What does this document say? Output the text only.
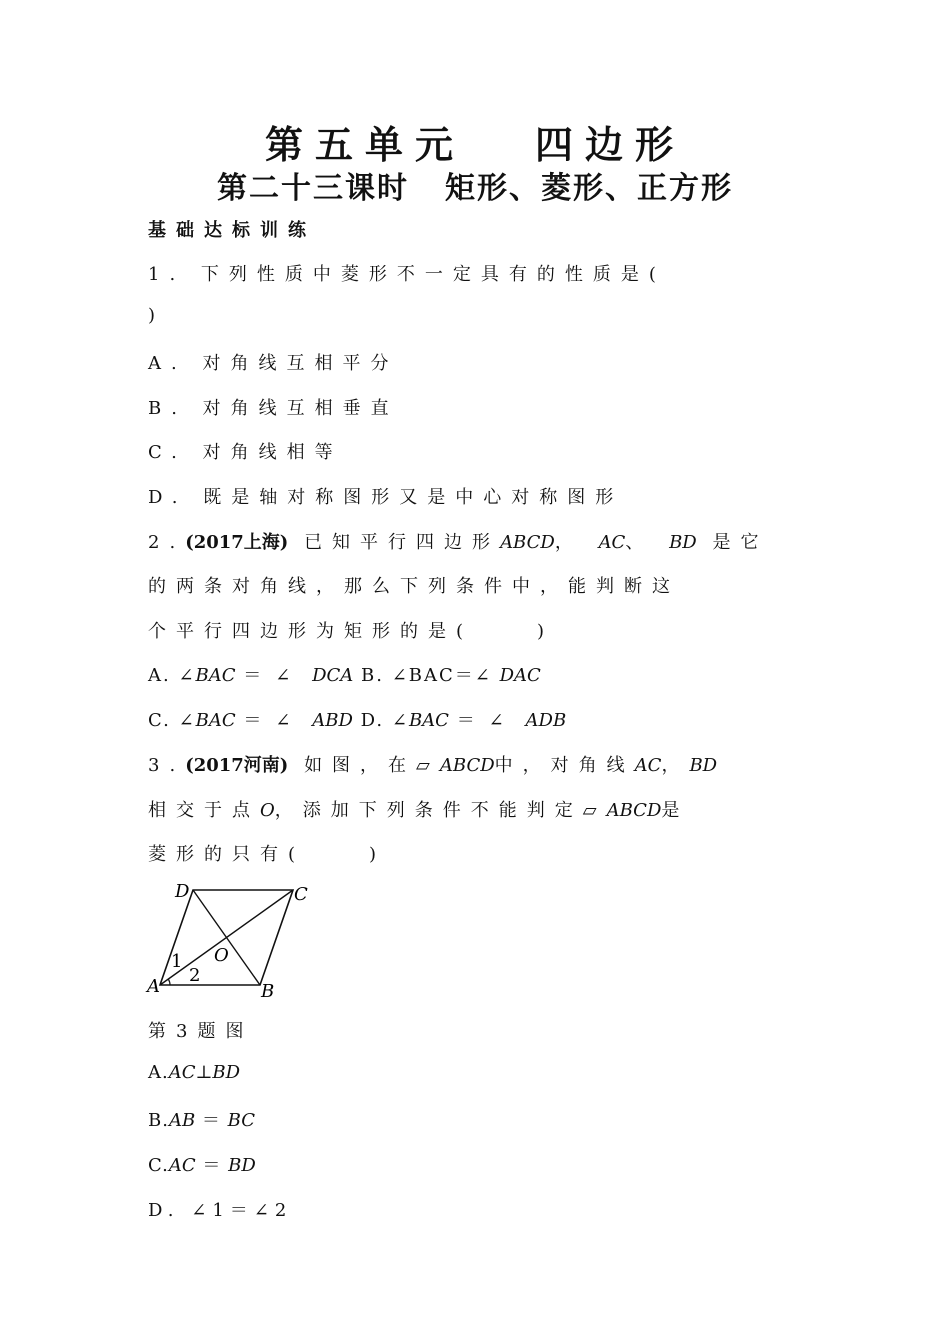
第五单元 四边形
第二十三课时 矩形、菱形、正方形
基础达标训练
1. 下列性质中菱形不一定具有的性质是(
)
A. 对角线互相平分
B. 对角线互相垂直
C. 对角线相等
D. 既是轴对称图形又是中心对称图形
2.(2017上海) 已知平行四边形ABCD， AC、 BD 是它
的两条对角线，那么下列条件中，能判断这
个平行四边形为矩形的是(	)
A. ∠BAC ＝∠ DCA B. ∠BAC＝∠ DAC
C. ∠BAC ＝∠ ABD D. ∠BAC ＝∠ ADB
3.(2017河南) 如图，在▱ABCD中，对角线AC，BD
相交于点O，添加下列条件不能判定▱ABCD是
菱形的只有(	)
D	C
O
1
2
A	B
第3题图
A.AC⊥BD
B.AB ＝ BC
C.AC ＝ BD
D. ∠1＝∠2
